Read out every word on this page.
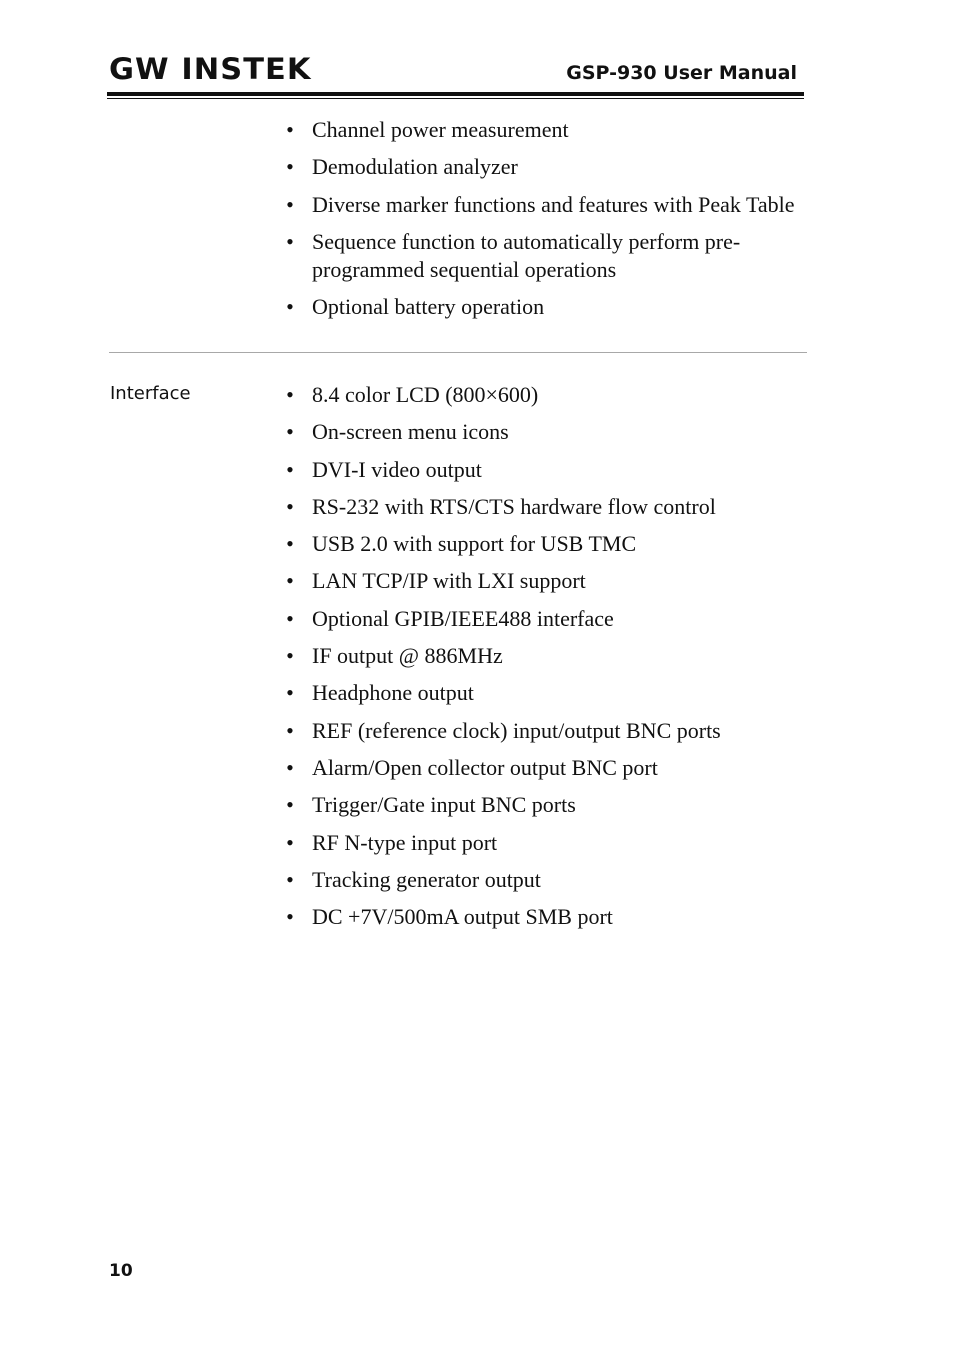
GW INSTEK	GSP-930 User Manual
• Channel power measurement
• Demodulation analyzer
• Diverse marker functions and features with Peak Table
• Sequence function to automatically perform pre-programmed sequential operations
• Optional battery operation
Interface	• 8.4 color LCD (800×600)
• On-screen menu icons
• DVI-I video output
• RS-232 with RTS/CTS hardware flow control
• USB 2.0 with support for USB TMC
• LAN TCP/IP with LXI support
• Optional GPIB/IEEE488 interface
• IF output @ 886MHz
• Headphone output
• REF (reference clock) input/output BNC ports
• Alarm/Open collector output BNC port
• Trigger/Gate input BNC ports
• RF N-type input port
• Tracking generator output
• DC +7V/500mA output SMB port
10
